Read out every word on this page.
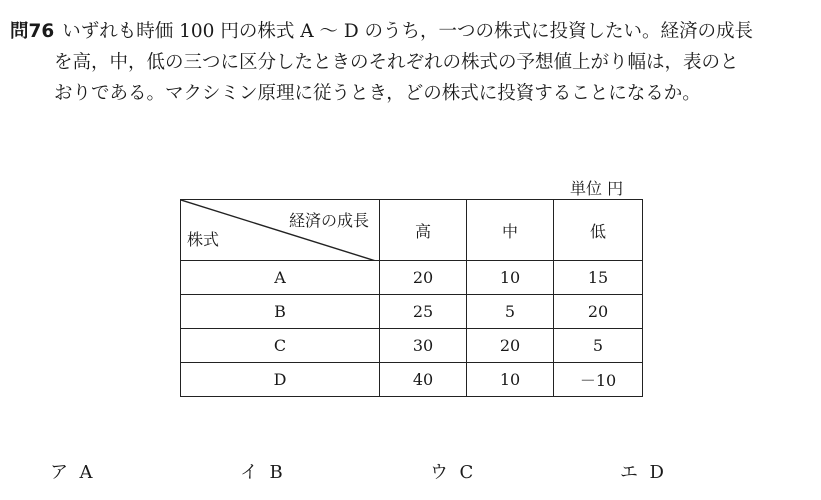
問76 いずれも時価 100 円の株式 A ～ D のうち，一つの株式に投資したい。経済の成長
を高，中，低の三つに区分したときのそれぞれの株式の予想値上がり幅は，表のと
おりである。マクシミン原理に従うとき，どの株式に投資することになるか。
単位 円
経済の成長
株式	高	中	低
A	20	10	15
B	25	5	20
C	30	20	5
D	40	10	－10
ア A	イ B	ウ C	エ D
